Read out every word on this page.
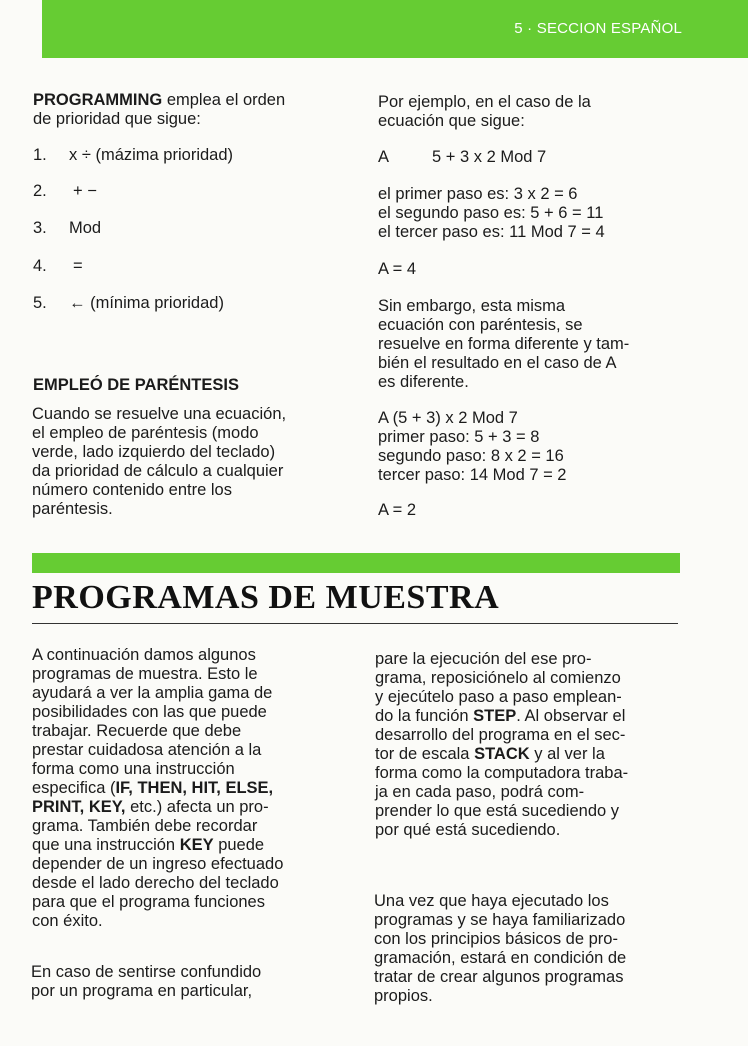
5 · SECCION ESPAÑOL

PROGRAMMING emplea el orden

de prioridad que sigue:

1.	x ÷ (mázima prioridad)
2.	+ −
3.	Mod
4.	=
5.	← (mínima prioridad)

EMPLEÓ DE PARÉNTESIS

Cuando se resuelve una ecuación,

el empleo de paréntesis (modo

verde, lado izquierdo del teclado)

da prioridad de cálculo a cualquier

número contenido entre los

paréntesis.

Por ejemplo, en el caso de la

ecuación que sigue:

A	5 + 3 x 2 Mod 7

el primer paso es: 3 x 2 = 6

el segundo paso es: 5 + 6 = 11

el tercer paso es: 11 Mod 7 = 4

A = 4

Sin embargo, esta misma

ecuación con paréntesis, se

resuelve en forma diferente y tam-

bién el resultado en el caso de A

es diferente.

A (5 + 3) x 2 Mod 7

primer paso: 5 + 3 = 8

segundo paso: 8 x 2 = 16

tercer paso: 14 Mod 7 = 2

A = 2

PROGRAMAS DE MUESTRA

A continuación damos algunos

programas de muestra. Esto le

ayudará a ver la amplia gama de

posibilidades con las que puede

trabajar. Recuerde que debe

prestar cuidadosa atención a la

forma como una instrucción

especifica (IF, THEN, HIT, ELSE,

PRINT, KEY, etc.) afecta un pro-

grama. También debe recordar

que una instrucción KEY puede

depender de un ingreso efectuado

desde el lado derecho del teclado

para que el programa funciones

con éxito.

En caso de sentirse confundido

por un programa en particular,

pare la ejecución del ese pro-

grama, reposiciónelo al comienzo

y ejecútelo paso a paso emplean-

do la función STEP. Al observar el

desarrollo del programa en el sec-

tor de escala STACK y al ver la

forma como la computadora traba-

ja en cada paso, podrá com-

prender lo que está sucediendo y

por qué está sucediendo.

Una vez que haya ejecutado los

programas y se haya familiarizado

con los principios básicos de pro-

gramación, estará en condición de

tratar de crear algunos programas

propios.
